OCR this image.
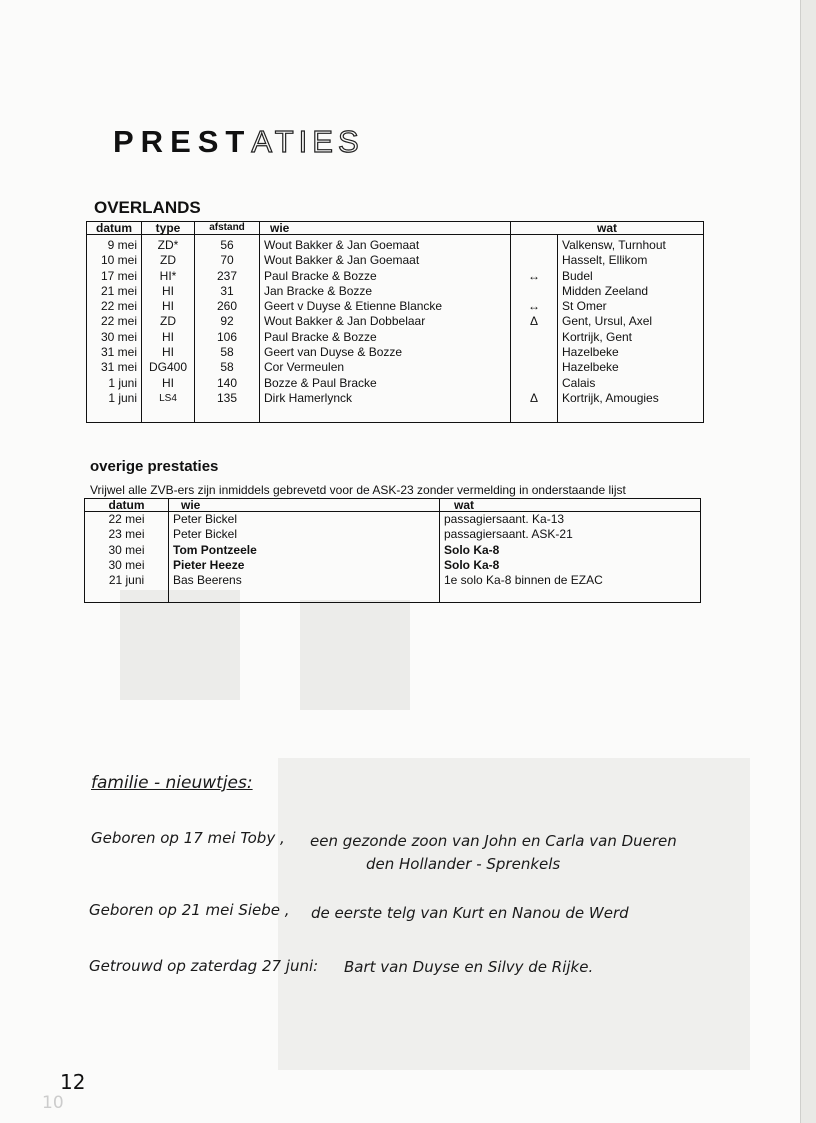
PRESTATIES
OVERLANDS
datum	type	afstand	wie	wat	
9 mei	ZD*	56	Wout Bakker & Jan Goemaat		Valkensw, Turnhout
10 mei	ZD	70	Wout Bakker & Jan Goemaat		Hasselt, Ellikom
17 mei	HI*	237	Paul Bracke & Bozze	↔	Budel
21 mei	HI	31	Jan Bracke & Bozze		Midden Zeeland
22 mei	HI	260	Geert v Duyse & Etienne Blancke	↔	St Omer
22 mei	ZD	92	Wout Bakker & Jan Dobbelaar	Δ	Gent, Ursul, Axel
30 mei	HI	106	Paul Bracke & Bozze		Kortrijk, Gent
31 mei	HI	58	Geert van Duyse & Bozze		Hazelbeke
31 mei	DG400	58	Cor Vermeulen		Hazelbeke
1 juni	HI	140	Bozze & Paul Bracke		Calais
1 juni	LS4	135	Dirk Hamerlynck	Δ	Kortrijk, Amougies

overige prestaties
Vrijwel alle ZVB-ers zijn inmiddels gebrevetd voor de ASK-23 zonder vermelding in onderstaande lijst
datum	wie	wat
22 mei	Peter Bickel	passagiersaant. Ka-13
23 mei	Peter Bickel	passagiersaant. ASK-21
30 mei	Tom Pontzeele	Solo Ka-8
30 mei	Pieter Heeze	Solo Ka-8
21 juni	Bas Beerens	1e solo Ka-8 binnen de EZAC

familie - nieuwtjes:
Geboren op 17 mei Toby , een gezonde zoon van John en Carla van Dueren
den Hollander - Sprenkels
Geboren op 21 mei Siebe , de eerste telg van Kurt en Nanou de Werd
Getrouwd op zaterdag 27 juni: Bart van Duyse en Silvy de Rijke.
12
10
